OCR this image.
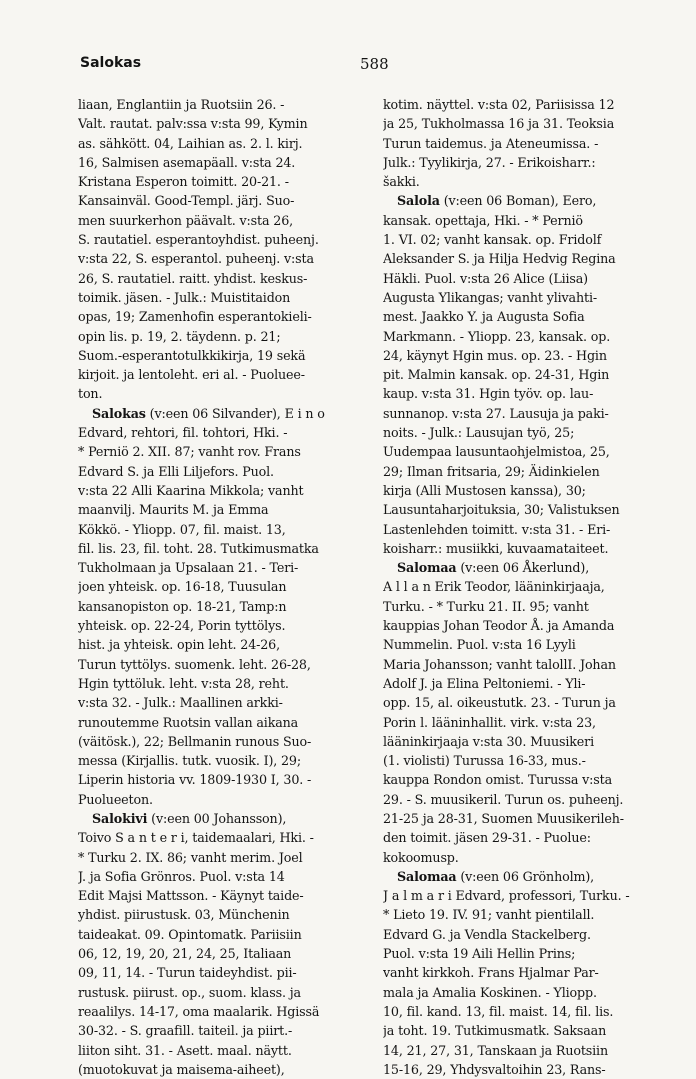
Salokas	588
liaan, Englantiin ja Ruotsiin 26. -
Valt. rautat. palv:ssa v:sta 99, Kymin
as. sähkött. 04, Laihian as. 2. l. kirj.
16, Salmisen asemapäall. v:sta 24.
Kristana Esperon toimitt. 20-21. -
Kansainväl. Good-Templ. järj. Suo-
men suurkerhon päävalt. v:sta 26,
S. rautatiel. esperantoyhdist. puheenj.
v:sta 22, S. esperantol. puheenj. v:sta
26, S. rautatiel. raitt. yhdist. keskus-
toimik. jäsen. - Julk.: Muistitaidon
opas, 19; Zamenhofin esperantokieli-
opin lis. p. 19, 2. täydenn. p. 21;
Suom.-esperantotulkkikirja, 19 sekä
kirjoit. ja lentoleht. eri al. - Puoluee-
ton.
Salokas (v:een 06 Silvander), E i n o
Edvard, rehtori, fil. tohtori, Hki. -
* Perniö 2. XII. 87; vanht rov. Frans
Edvard S. ja Elli Liljefors. Puol.
v:sta 22 Alli Kaarina Mikkola; vanht
maanvilj. Maurits M. ja Emma
Kökkö. - Yliopp. 07, fil. maist. 13,
fil. lis. 23, fil. toht. 28. Tutkimusmatka
Tukholmaan ja Upsalaan 21. - Teri-
joen yhteisk. op. 16-18, Tuusulan
kansanopiston op. 18-21, Tamp:n
yhteisk. op. 22-24, Porin tyttölys.
hist. ja yhteisk. opin leht. 24-26,
Turun tyttölys. suomenk. leht. 26-28,
Hgin tyttöluk. leht. v:sta 28, reht.
v:sta 32. - Julk.: Maallinen arkki-
runoutemme Ruotsin vallan aikana
(väitösk.), 22; Bellmanin runous Suo-
messa (Kirjallis. tutk. vuosik. I), 29;
Liperin historia vv. 1809-1930 I, 30. -
Puolueeton.
Salokivi (v:een 00 Johansson),
Toivo S a n t e r i, taidemaalari, Hki. -
* Turku 2. IX. 86; vanht merim. Joel
J. ja Sofia Grönros. Puol. v:sta 14
Edit Majsi Mattsson. - Käynyt taide-
yhdist. piirustusk. 03, Münchenin
taideakat. 09. Opintomatk. Pariisiin
06, 12, 19, 20, 21, 24, 25, Italiaan
09, 11, 14. - Turun taideyhdist. pii-
rustusk. piirust. op., suom. klass. ja
reaalilys. 14-17, oma maalarik. Hgissä
30-32. - S. graafill. taiteil. ja piirt.-
liiton siht. 31. - Asett. maal. näytt.
(muotokuvat ja maisema-aiheet),
kotim. näyttel. v:sta 02, Pariisissa 12
ja 25, Tukholmassa 16 ja 31. Teoksia
Turun taidemus. ja Ateneumissa. -
Julk.: Tyylikirja, 27. - Erikoisharr.:
šakki.
Salola (v:een 06 Boman), Eero,
kansak. opettaja, Hki. - * Perniö
1. VI. 02; vanht kansak. op. Fridolf
Aleksander S. ja Hilja Hedvig Regina
Häkli. Puol. v:sta 26 Alice (Liisa)
Augusta Ylikangas; vanht ylivahti-
mest. Jaakko Y. ja Augusta Sofia
Markmann. - Yliopp. 23, kansak. op.
24, käynyt Hgin mus. op. 23. - Hgin
pit. Malmin kansak. op. 24-31, Hgin
kaup. v:sta 31. Hgin työv. op. lau-
sunnanop. v:sta 27. Lausuja ja paki-
noits. - Julk.: Lausujan työ, 25;
Uudempaa lausuntaohjelmistoa, 25,
29; Ilman fritsaria, 29; Äidinkielen
kirja (Alli Mustosen kanssa), 30;
Lausuntaharjoituksia, 30; Valistuksen
Lastenlehden toimitt. v:sta 31. - Eri-
koisharr.: musiikki, kuvaamataiteet.
Salomaa (v:een 06 Åkerlund),
A l l a n Erik Teodor, lääninkirjaaja,
Turku. - * Turku 21. II. 95; vanht
kauppias Johan Teodor Å. ja Amanda
Nummelin. Puol. v:sta 16 Lyyli
Maria Johansson; vanht talollI. Johan
Adolf J. ja Elina Peltoniemi. - Yli-
opp. 15, al. oikeustutk. 23. - Turun ja
Porin l. lääninhallit. virk. v:sta 23,
lääninkirjaaja v:sta 30. Muusikeri
(1. violisti) Turussa 16-33, mus.-
kauppa Rondon omist. Turussa v:sta
29. - S. muusikeril. Turun os. puheenj.
21-25 ja 28-31, Suomen Muusikerileh-
den toimit. jäsen 29-31. - Puolue:
kokoomusp.
Salomaa (v:een 06 Grönholm),
J a l m a r i Edvard, professori, Turku. -
* Lieto 19. IV. 91; vanht pientilall.
Edvard G. ja Vendla Stackelberg.
Puol. v:sta 19 Aili Hellin Prins;
vanht kirkkoh. Frans Hjalmar Par-
mala ja Amalia Koskinen. - Yliopp.
10, fil. kand. 13, fil. maist. 14, fil. lis.
ja toht. 19. Tutkimusmatk. Saksaan
14, 21, 27, 31, Tanskaan ja Ruotsiin
15-16, 29, Yhdysvaltoihin 23, Rans-
